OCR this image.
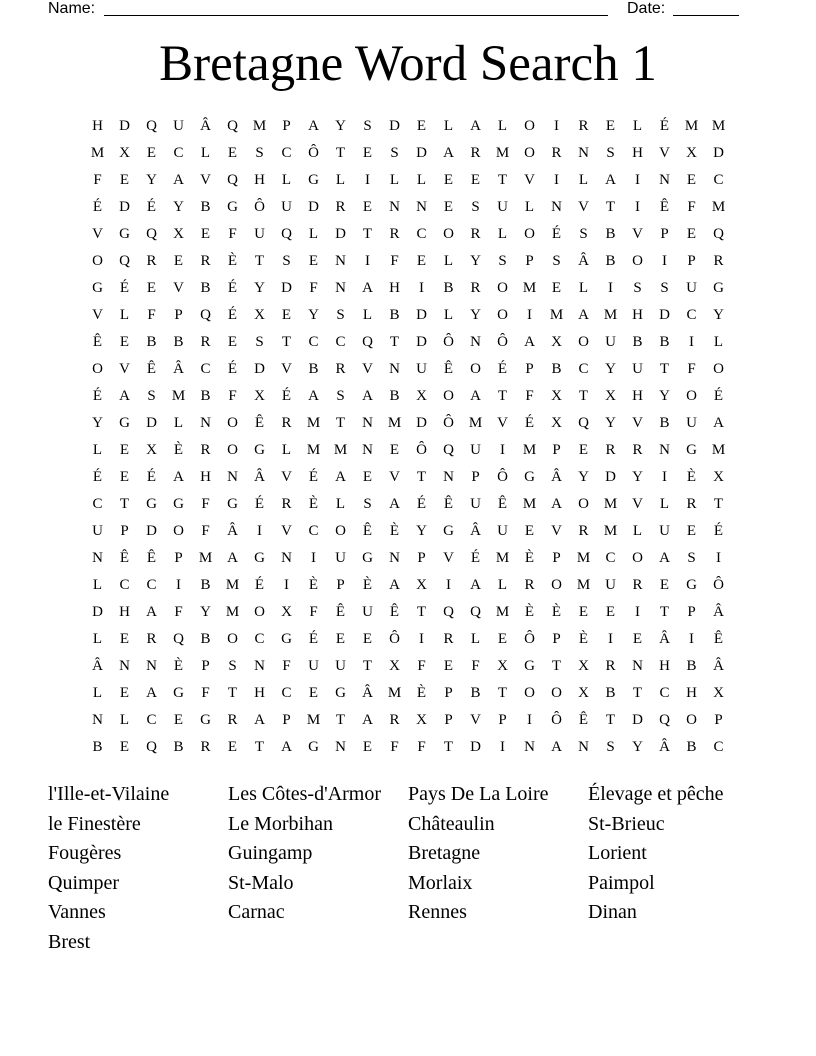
Name:	Date:
Bretagne Word Search 1
H	D	Q	U	Â	Q M	P	A	Y	S	D	E	L	A	L	O	I	R	E	L	É	M M
M X	E	C	L	E	S	C	Ô	T	E	S	D	A	R	M O	R	N	S	H	V	X	D
F	E	Y	A	V	Q	H	L	G	L	I	L	L	E	E	T	V	I	L	A	I	N	E	C
É	D	É	Y	B	G	Ô	U	D	R	E	N	N	E	S	U	L	N	V	T	I	Ê	F	M
V	G	Q	X	E	F	U	Q	L	D	T	R	C	O	R	L	O	É	S	B	V	P	E	Q
O	Q	R	E	R	È	T	S	E	N	I	F	E	L	Y	S	P	S	Â	B	O	I	P	R
G	É	E	V	B	É	Y	D	F	N	A	H	I	B	R	O M	E	L	I	S	S	U	G
V	L	F	P	Q	É	X	E	Y	S	L	B	D	L	Y	O	I	M A M H	D	C	Y
Ê	E	B	B	R	E	S	T	C	C	Q	T	D	Ô	N	Ô	A	X	O	U	B	B	I	L
O	V	Ê	Â	C	É	D	V	B	R	V	N	U	Ê	O	É	P	B	C	Y	U	T	F	O
É	A	S	M	B	F	X	É	A	S	A	B	X	O	A	T	F	X	T	X	H	Y	O	É
Y	G	D	L	N	O	Ê	R	M	T	N M D	Ô M V	É	X	Q	Y	V	B	U	A
L	E	X	È	R	O	G	L	M M N	E	Ô	Q	U	I	M	P	E	R	R	N	G M
É	E	É	A	H	N	Â	V	É	A	E	V	T	N	P	Ô	G	Â	Y	D	Y	I	È	X
C	T	G	G	F	G	É	R	È	L	S	A	É	Ê	U	Ê	M A	O M V	L	R	T
U	P	D	O	F	Â	I	V	C	O	Ê	È	Y	G	Â	U	E	V	R	M	L	U	E	É
N	Ê	Ê	P	M A	G	N	I	U	G	N	P	V	É	M	È	P	M	C	O	A	S	I
L	C	C	I	B	M	É	I	È	P	È	A	X	I	A	L	R	O M U	R	E	G	Ô
D	H	A	F	Y M O	X	F	Ê	U	Ê	T	Q	Q M	È	È	E	E	I	T	P	Â
L	E	R	Q	B	O	C	G	É	E	E	Ô	I	R	L	E	Ô	P	È	I	E	Â	I	Ê
Â	N	N	È	P	S	N	F	U	U	T	X	F	E	F	X	G	T	X	R	N	H	B	Â
L	E	A	G	F	T	H	C	E	G	Â M	È	P	B	T	O	O	X	B	T	C	H	X
N	L	C	E	G	R	A	P	M	T	A	R	X	P	V	P	I	Ô	Ê	T	D	Q	O	P
B	E	Q	B	R	E	T	A	G	N	E	F	F	T	D	I	N	A	N	S	Y	Â	B	C
l'Ille-et-Vilaine	Les Côtes-d'Armor	Pays De La Loire	Élevage et pêche
le Finestère	Le Morbihan	Châteaulin	St-Brieuc
Fougères	Guingamp	Bretagne	Lorient
Quimper	St-Malo	Morlaix	Paimpol
Vannes	Carnac	Rennes	Dinan
Brest
